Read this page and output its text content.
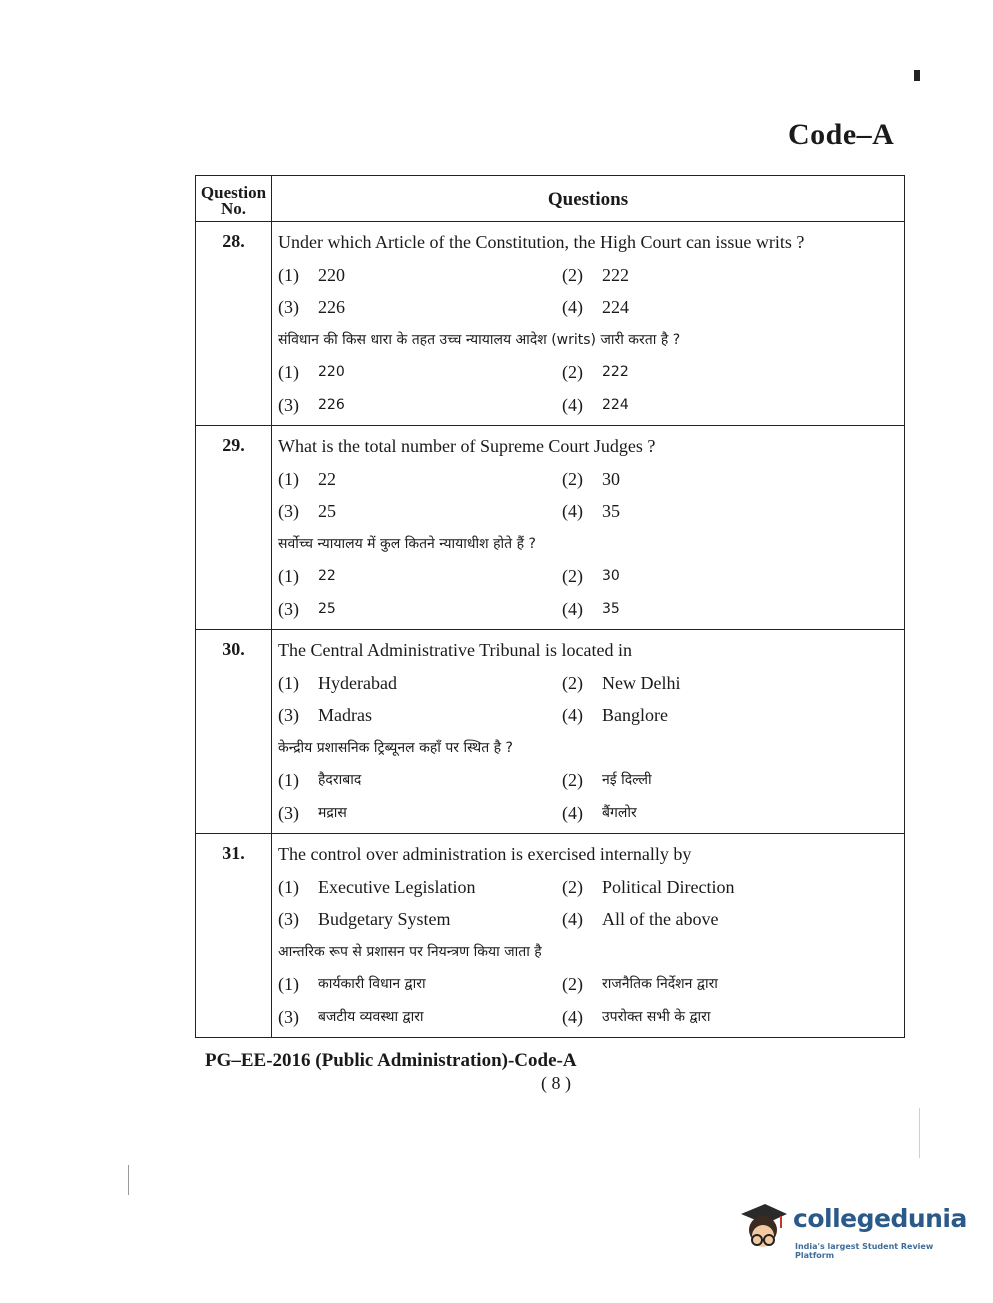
Code–A
Question No.	Questions
28.	Under which Article of the Constitution, the High Court can issue writs ?
(1)	220	(2)	222
(3)	226	(4)	224
संविधान की किस धारा के तहत उच्च न्यायालय आदेश (writs) जारी करता है ?
(1)	220	(2)	222
(3)	226	(4)	224
29.	What is the total number of Supreme Court Judges ?
(1)	22	(2)	30
(3)	25	(4)	35
सर्वोच्च न्यायालय में कुल कितने न्यायाधीश होते हैं ?
(1)	22	(2)	30
(3)	25	(4)	35
30.	The Central Administrative Tribunal is located in
(1)	Hyderabad	(2)	New Delhi
(3)	Madras	(4)	Banglore
केन्द्रीय प्रशासनिक ट्रिब्यूनल कहाँ पर स्थित है ?
(1)	हैदराबाद	(2)	नई दिल्ली
(3)	मद्रास	(4)	बैंगलोर
31.	The control over administration is exercised internally by
(1)	Executive Legislation	(2)	Political Direction
(3)	Budgetary System	(4)	All of the above
आन्तरिक रूप से प्रशासन पर नियन्त्रण किया जाता है
(1)	कार्यकारी विधान द्वारा	(2)	राजनैतिक निर्देशन द्वारा
(3)	बजटीय व्यवस्था द्वारा	(4)	उपरोक्त सभी के द्वारा
PG–EE-2016 (Public Administration)-Code-A
( 8 )
collegedunia
India's largest Student Review Platform
